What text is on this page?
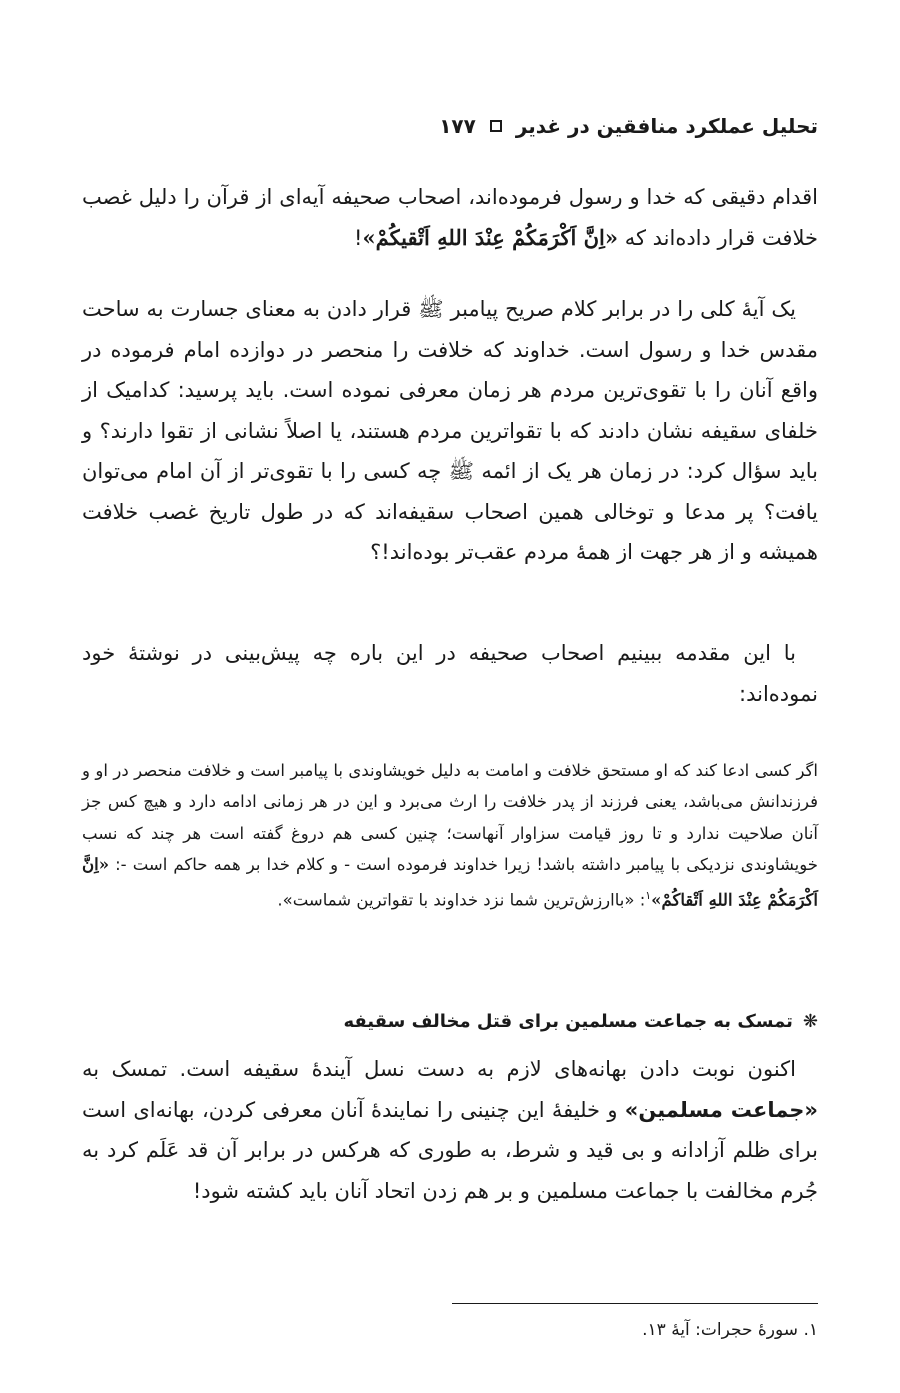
تحلیل عملکرد منافقین در غدیر
۱۷۷

اقدام دقیقی که خدا و رسول فرموده‌اند، اصحاب صحیفه آیه‌ای از قرآن را دلیل غصب خلافت قرار داده‌اند که «اِنَّ اَکْرَمَکُمْ عِنْدَ اللهِ اَتْقیکُمْ»!

یک آیهٔ کلی را در برابر کلام صریح پیامبر ﷺ قرار دادن به معنای جسارت به ساحت مقدس خدا و رسول است. خداوند که خلافت را منحصر در دوازده امام فرموده در واقع آنان را با تقوی‌ترین مردم هر زمان معرفی نموده است. باید پرسید: کدامیک از خلفای سقیفه نشان دادند که با تقواترین مردم هستند، یا اصلاً نشانی از تقوا دارند؟ و باید سؤال کرد: در زمان هر یک از ائمه ﷺ چه کسی را با تقوی‌تر از آن امام می‌توان یافت؟ پر مدعا و توخالی همین اصحاب سقیفه‌اند که در طول تاریخ غصب خلافت همیشه و از هر جهت از همهٔ مردم عقب‌تر بوده‌اند!؟

با این مقدمه ببینیم اصحاب صحیفه در این باره چه پیش‌بینی در نوشتهٔ خود نموده‌اند:

اگر کسی ادعا کند که او مستحق خلافت و امامت به دلیل خویشاوندی با پیامبر است و خلافت منحصر در او و فرزندانش می‌باشد، یعنی فرزند از پدر خلافت را ارث می‌برد و این در هر زمانی ادامه دارد و هیچ کس جز آنان صلاحیت ندارد و تا روز قیامت سزاوار آنهاست؛ چنین کسی هم دروغ گفته است هر چند که نسب خویشاوندی نزدیکی با پیامبر داشته باشد! زیرا خداوند فرموده است - و کلام خدا بر همه حاکم است -: «اِنَّ اَکْرَمَکُمْ عِنْدَ اللهِ اَتْقاکُمْ»$^۱$: «باارزش‌ترین شما نزد خداوند با تقواترین شماست».

❋تمسک به جماعت مسلمین برای قتل مخالف سقیفه

اکنون نوبت دادن بهانه‌های لازم به دست نسل آیندهٔ سقیفه است. تمسک به «جماعت مسلمین» و خلیفهٔ این چنینی را نمایندهٔ آنان معرفی کردن، بهانه‌ای است برای ظلم آزادانه و بی قید و شرط، به طوری که هرکس در برابر آن قد عَلَم کرد به جُرم مخالفت با جماعت مسلمین و بر هم زدن اتحاد آنان باید کشته شود!

۱. سورهٔ حجرات: آیهٔ ۱۳.
